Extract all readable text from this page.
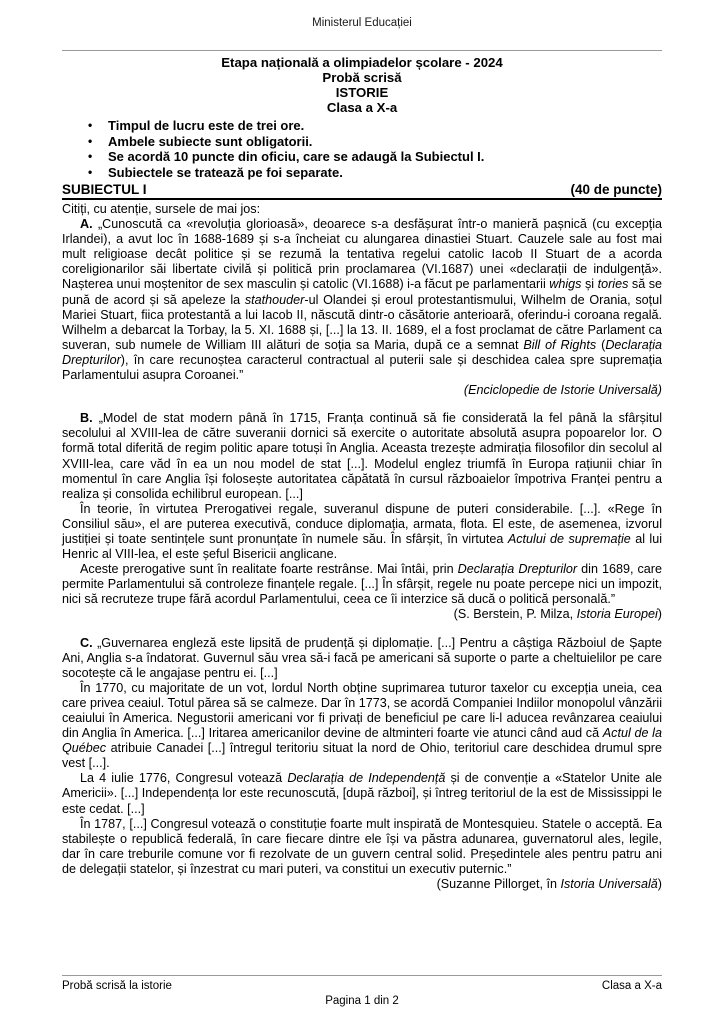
Ministerul Educației
Etapa națională a olimpiadelor școlare - 2024
Probă scrisă
ISTORIE
Clasa a X-a
•	Timpul de lucru este de trei ore.
•	Ambele subiecte sunt obligatorii.
•	Se acordă 10 puncte din oficiu, care se adaugă la Subiectul I.
•	Subiectele se tratează pe foi separate.
SUBIECTUL I	(40 de puncte)
Citiți, cu atenție, sursele de mai jos:

A. „Cunoscută ca «revoluția glorioasă», deoarece s-a desfășurat într-o manieră pașnică (cu excepția Irlandei), a avut loc în 1688-1689 și s-a încheiat cu alungarea dinastiei Stuart. Cauzele sale au fost mai mult religioase decât politice și se rezumă la tentativa regelui catolic Iacob II Stuart de a acorda coreligionarilor săi libertate civilă și politică prin proclamarea (VI.1687) unei «declarații de indulgență». Nașterea unui moștenitor de sex masculin și catolic (VI.1688) i-a făcut pe parlamentarii whigs și tories să se pună de acord și să apeleze la stathouder-ul Olandei și eroul protestantismului, Wilhelm de Orania, soțul Mariei Stuart, fiica protestantă a lui Iacob II, născută dintr-o căsătorie anterioară, oferindu-i coroana regală. Wilhelm a debarcat la Torbay, la 5. XI. 1688 și, [...] la 13. II. 1689, el a fost proclamat de către Parlament ca suveran, sub numele de William III alături de soția sa Maria, după ce a semnat Bill of Rights (Declarația Drepturilor), în care recunoștea caracterul contractual al puterii sale și deschidea calea spre supremația Parlamentului asupra Coroanei.”

(Enciclopedie de Istorie Universală)

B. „Model de stat modern până în 1715, Franța continuă să fie considerată la fel până la sfârșitul secolului al XVIII-lea de către suveranii dornici să exercite o autoritate absolută asupra popoarelor lor. O formă total diferită de regim politic apare totuși în Anglia. Aceasta trezește admirația filosofilor din secolul al XVIII-lea, care văd în ea un nou model de stat [...]. Modelul englez triumfă în Europa rațiunii chiar în momentul în care Anglia își folosește autoritatea căpătată în cursul războaielor împotriva Franței pentru a realiza și consolida echilibrul european. [...]

În teorie, în virtutea Prerogativei regale, suveranul dispune de puteri considerabile. [...]. «Rege în Consiliul său», el are puterea executivă, conduce diplomația, armata, flota. El este, de asemenea, izvorul justiției și toate sentințele sunt pronunțate în numele său. În sfârșit, în virtutea Actului de supremație al lui Henric al VIII-lea, el este șeful Bisericii anglicane.

Aceste prerogative sunt în realitate foarte restrânse. Mai întâi, prin Declarația Drepturilor din 1689, care permite Parlamentului să controleze finanțele regale. [...] În sfârșit, regele nu poate percepe nici un impozit, nici să recruteze trupe fără acordul Parlamentului, ceea ce îi interzice să ducă o politică personală.”

(S. Berstein, P. Milza, Istoria Europei)

C. „Guvernarea engleză este lipsită de prudență și diplomație. [...] Pentru a câștiga Războiul de Șapte Ani, Anglia s-a îndatorat. Guvernul său vrea să-i facă pe americani să suporte o parte a cheltuielilor pe care socotește că le angajase pentru ei. [...]

În 1770, cu majoritate de un vot, lordul North obține suprimarea tuturor taxelor cu excepția uneia, cea care privea ceaiul. Totul părea să se calmeze. Dar în 1773, se acordă Companiei Indiilor monopolul vânzării ceaiului în America. Negustorii americani vor fi privați de beneficiul pe care li-l aducea revânzarea ceaiului din Anglia în America. [...] Iritarea americanilor devine de altminteri foarte vie atunci când aud că Actul de la Québec atribuie Canadei [...] întregul teritoriu situat la nord de Ohio, teritoriul care deschidea drumul spre vest [...].

La 4 iulie 1776, Congresul votează Declarația de Independență și de convenție a «Statelor Unite ale Americii». [...] Independența lor este recunoscută, [după război], și întreg teritoriul de la est de Mississippi le este cedat. [...]

În 1787, [...] Congresul votează o constituție foarte mult inspirată de Montesquieu. Statele o acceptă. Ea stabilește o republică federală, în care fiecare dintre ele își va păstra adunarea, guvernatorul ales, legile, dar în care treburile comune vor fi rezolvate de un guvern central solid. Președintele ales pentru patru ani de delegații statelor, și înzestrat cu mari puteri, va constitui un executiv puternic.”

(Suzanne Pillorget, în Istoria Universală)
Probă scrisă la istorie	Clasa a X-a
Pagina 1 din 2
